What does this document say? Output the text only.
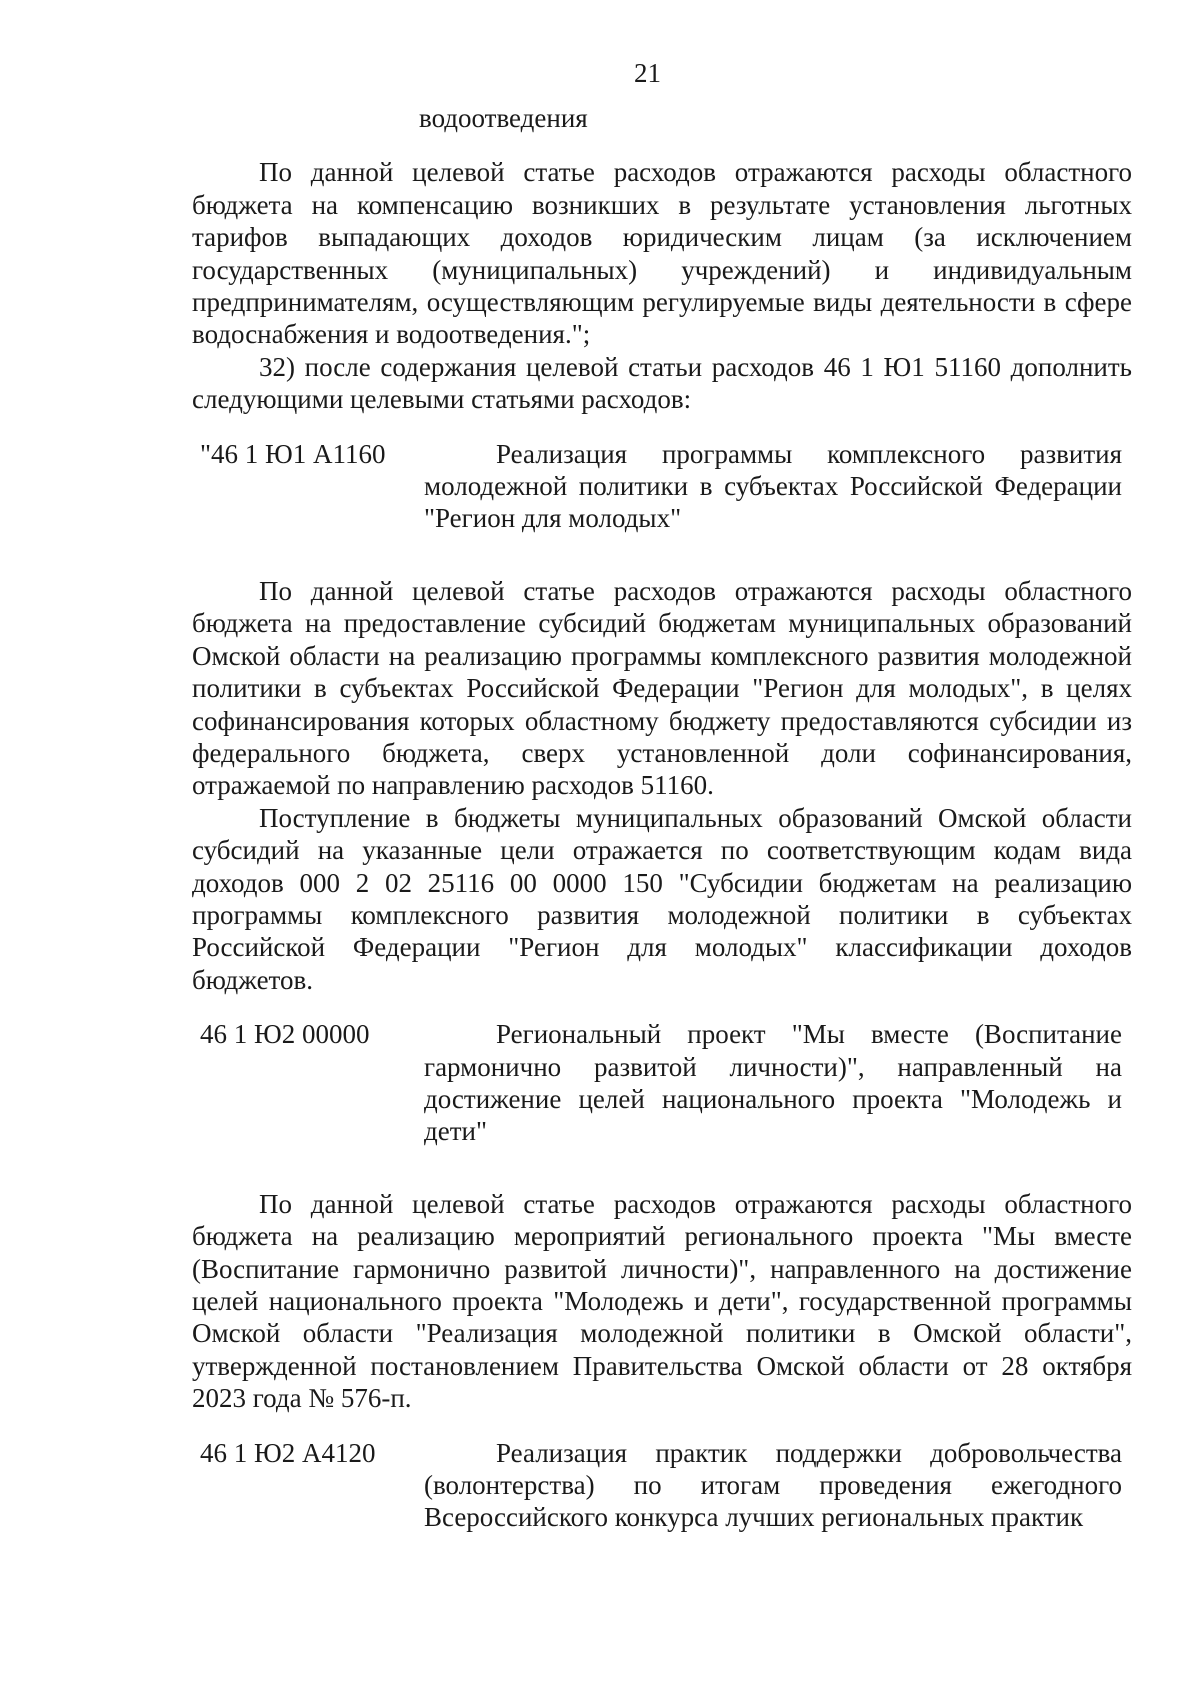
21

водоотведения

По данной целевой статье расходов отражаются расходы областного бюджета на компенсацию возникших в результате установления льготных тарифов выпадающих доходов юридическим лицам (за исключением государственных (муниципальных) учреждений) и индивидуальным предпринимателям, осуществляющим регулируемые виды деятельности в сфере водоснабжения и водоотведения.";

32) после содержания целевой статьи расходов 46 1 Ю1 51160 дополнить следующими целевыми статьями расходов:

"46 1 Ю1 А1160	Реализация программы комплексного развития молодежной политики в субъектах Российской Федерации "Регион для молодых"

По данной целевой статье расходов отражаются расходы областного бюджета на предоставление субсидий бюджетам муниципальных образований Омской области на реализацию программы комплексного развития молодежной политики в субъектах Российской Федерации "Регион для молодых", в целях софинансирования которых областному бюджету предоставляются субсидии из федерального бюджета, сверх установленной доли софинансирования, отражаемой по направлению расходов 51160.

Поступление в бюджеты муниципальных образований Омской области субсидий на указанные цели отражается по соответствующим кодам вида доходов 000 2 02 25116 00 0000 150 "Субсидии бюджетам на реализацию программы комплексного развития молодежной политики в субъектах Российской Федерации "Регион для молодых" классификации доходов бюджетов.

46 1 Ю2 00000	Региональный проект "Мы вместе (Воспитание гармонично развитой личности)", направленный на достижение целей национального проекта "Молодежь и дети"

По данной целевой статье расходов отражаются расходы областного бюджета на реализацию мероприятий регионального проекта "Мы вместе (Воспитание гармонично развитой личности)", направленного на достижение целей национального проекта "Молодежь и дети", государственной программы Омской области "Реализация молодежной политики в Омской области", утвержденной постановлением Правительства Омской области от 28 октября 2023 года № 576-п.

46 1 Ю2 А4120	Реализация практик поддержки добровольчества (волонтерства) по итогам проведения ежегодного Всероссийского конкурса лучших региональных практик
